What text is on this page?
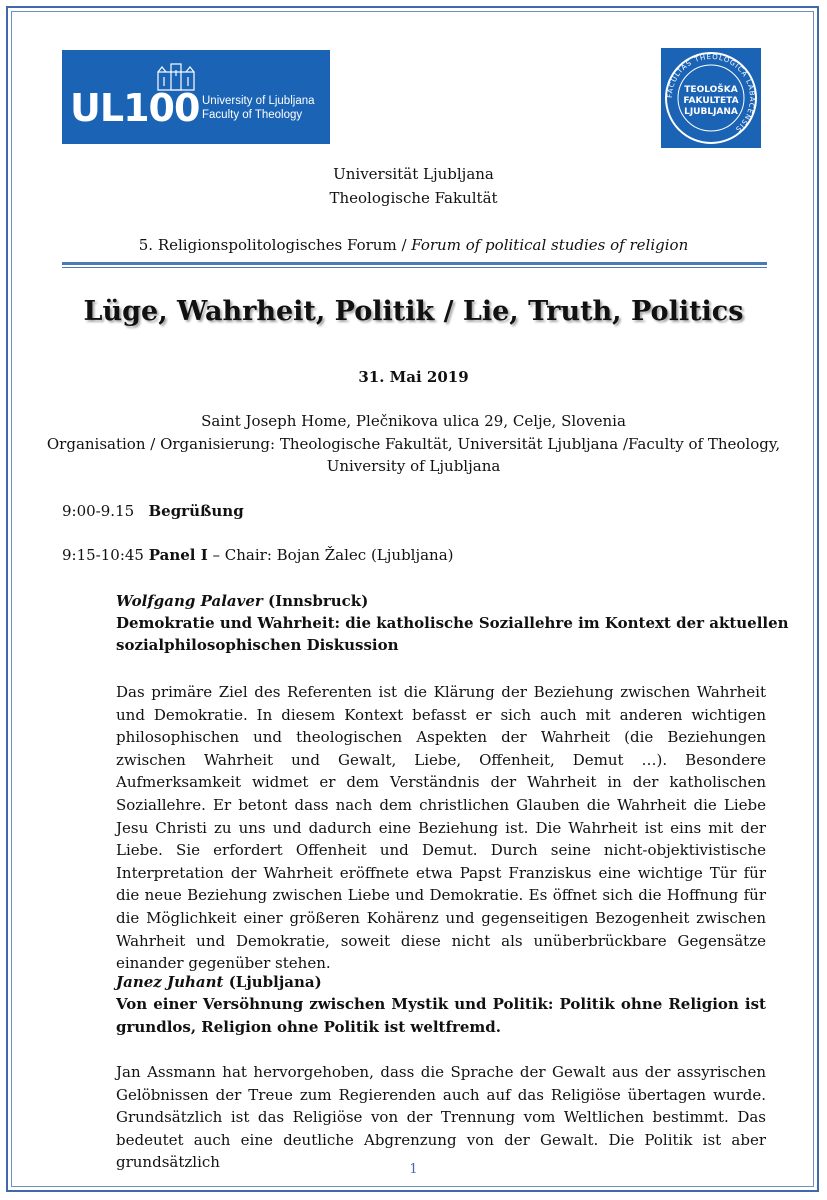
UL100 University of Ljubljana
Faculty of Theology
FACULTAS THEOLOGICA LABACENSIS
TEOLOŠKA
FAKULTETA
LJUBLJANA
Universität Ljubljana
Theologische Fakultät
5. Religionspolitologisches Forum / Forum of political studies of religion
Lüge, Wahrheit, Politik / Lie, Truth, Politics
31. Mai 2019
Saint Joseph Home, Plečnikova ulica 29, Celje, Slovenia
Organisation / Organisierung: Theologische Fakultät, Universität Ljubljana /Faculty of Theology,
University of Ljubljana
9:00-9.15 Begrüßung
9:15-10:45 Panel I – Chair: Bojan Žalec (Ljubljana)
Wolfgang Palaver (Innsbruck)
Demokratie und Wahrheit: die katholische Soziallehre im Kontext der aktuellen
sozialphilosophischen Diskussion
Das primäre Ziel des Referenten ist die Klärung der Beziehung zwischen Wahrheit und Demokratie. In diesem Kontext befasst er sich auch mit anderen wichtigen philosophischen und theologischen Aspekten der Wahrheit (die Beziehungen zwischen Wahrheit und Gewalt, Liebe, Offenheit, Demut …). Besondere Aufmerksamkeit widmet er dem Verständnis der Wahrheit in der katholischen Soziallehre. Er betont dass nach dem christlichen Glauben die Wahrheit die Liebe Jesu Christi zu uns und dadurch eine Beziehung ist. Die Wahrheit ist eins mit der Liebe. Sie erfordert Offenheit und Demut. Durch seine nicht-objektivistische Interpretation der Wahrheit eröffnete etwa Papst Franziskus eine wichtige Tür für die neue Beziehung zwischen Liebe und Demokratie. Es öffnet sich die Hoffnung für die Möglichkeit einer größeren Kohärenz und gegenseitigen Bezogenheit zwischen Wahrheit und Demokratie, soweit diese nicht als unüberbrückbare Gegensätze einander gegenüber stehen.
Janez Juhant (Ljubljana)
Von einer Versöhnung zwischen Mystik und Politik: Politik ohne Religion ist
grundlos, Religion ohne Politik ist weltfremd.
Jan Assmann hat hervorgehoben, dass die Sprache der Gewalt aus der assyrischen Gelöbnissen der Treue zum Regierenden auch auf das Religiöse übertagen wurde. Grundsätzlich ist das Religiöse von der Trennung vom Weltlichen bestimmt. Das bedeutet auch eine deutliche Abgrenzung von der Gewalt. Die Politik ist aber grundsätzlich	1
